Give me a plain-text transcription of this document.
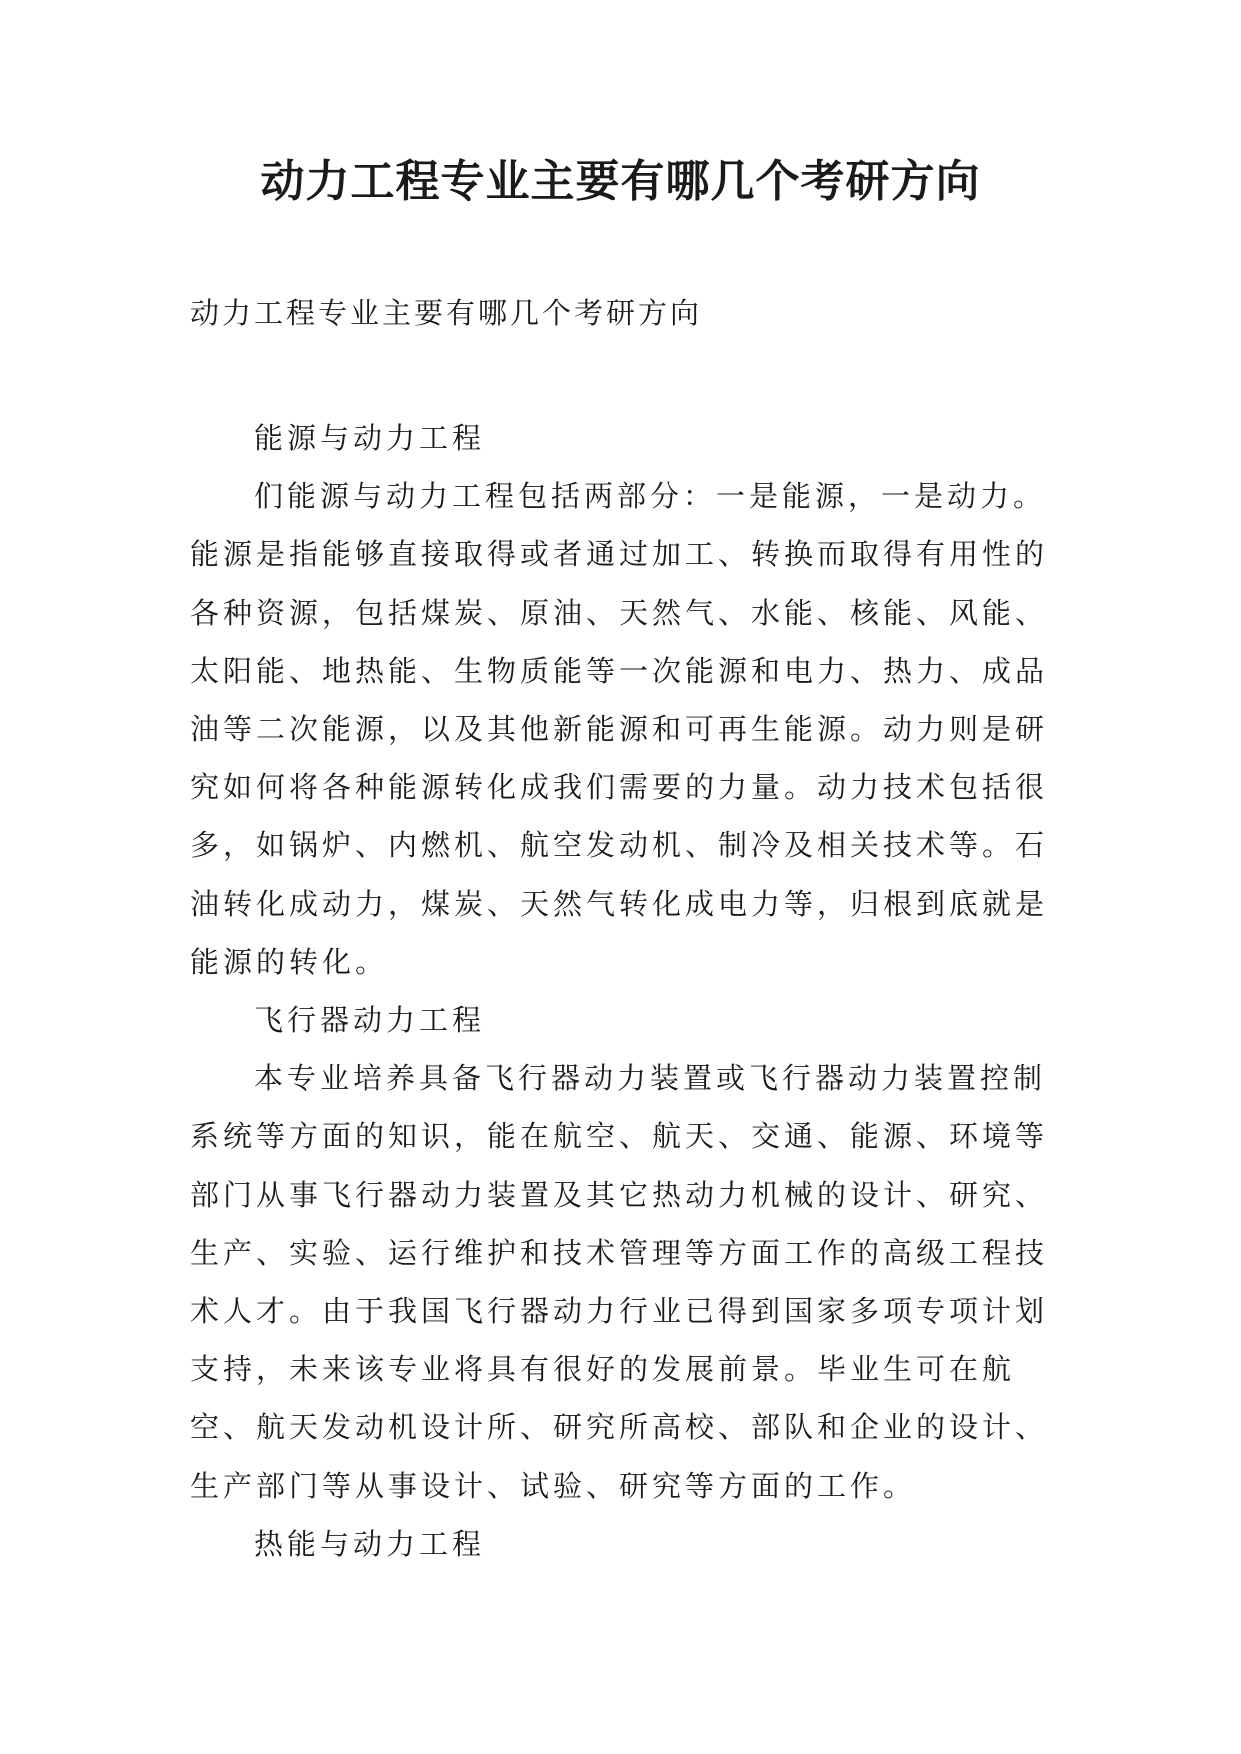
动力工程专业主要有哪几个考研方向

动力工程专业主要有哪几个考研方向

能源与动力工程

们能源与动力工程包括两部分：一是能源，一是动力。能源是指能够直接取得或者通过加工、转换而取得有用性的各种资源，包括煤炭、原油、天然气、水能、核能、风能、太阳能、地热能、生物质能等一次能源和电力、热力、成品油等二次能源，以及其他新能源和可再生能源。动力则是研究如何将各种能源转化成我们需要的力量。动力技术包括很多，如锅炉、内燃机、航空发动机、制冷及相关技术等。石油转化成动力，煤炭、天然气转化成电力等，归根到底就是能源的转化。

飞行器动力工程

本专业培养具备飞行器动力装置或飞行器动力装置控制系统等方面的知识，能在航空、航天、交通、能源、环境等部门从事飞行器动力装置及其它热动力机械的设计、研究、生产、实验、运行维护和技术管理等方面工作的高级工程技术人才。由于我国飞行器动力行业已得到国家多项专项计划支持，未来该专业将具有很好的发展前景。毕业生可在航空、航天发动机设计所、研究所高校、部队和企业的设计、生产部门等从事设计、试验、研究等方面的工作。

热能与动力工程
